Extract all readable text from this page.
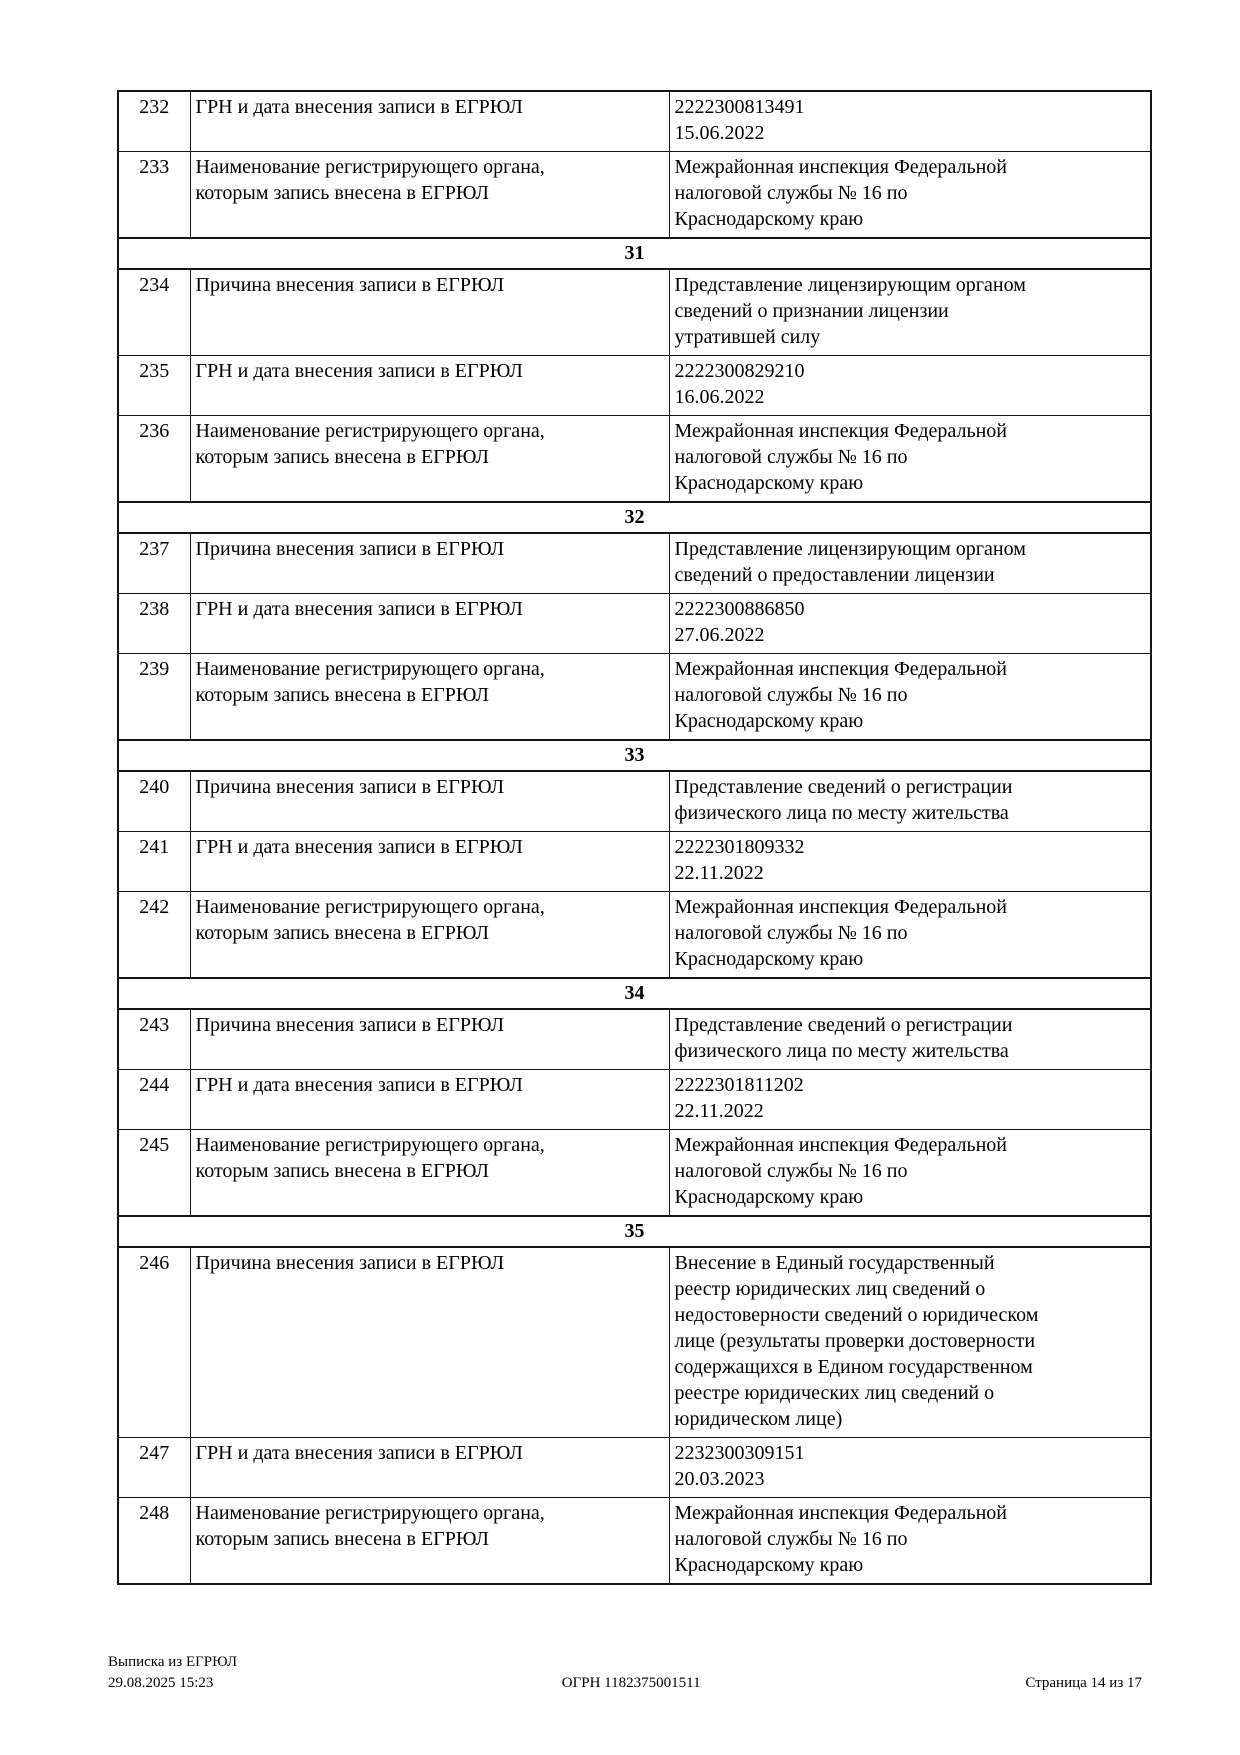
232	ГРН и дата внесения записи в ЕГРЮЛ	2222300813491
15.06.2022

233	Наименование регистрирующего органа,
которым запись внесена в ЕГРЮЛ	Межрайонная инспекция Федеральной
налоговой службы № 16 по
Краснодарскому краю

31		
234	Причина внесения записи в ЕГРЮЛ	Представление лицензирующим органом
сведений о признании лицензии
утратившей силу

235	ГРН и дата внесения записи в ЕГРЮЛ	2222300829210
16.06.2022

236	Наименование регистрирующего органа,
которым запись внесена в ЕГРЮЛ	Межрайонная инспекция Федеральной
налоговой службы № 16 по
Краснодарскому краю

32		
237	Причина внесения записи в ЕГРЮЛ	Представление лицензирующим органом
сведений о предоставлении лицензии

238	ГРН и дата внесения записи в ЕГРЮЛ	2222300886850
27.06.2022

239	Наименование регистрирующего органа,
которым запись внесена в ЕГРЮЛ	Межрайонная инспекция Федеральной
налоговой службы № 16 по
Краснодарскому краю

33		
240	Причина внесения записи в ЕГРЮЛ	Представление сведений о регистрации
физического лица по месту жительства

241	ГРН и дата внесения записи в ЕГРЮЛ	2222301809332
22.11.2022

242	Наименование регистрирующего органа,
которым запись внесена в ЕГРЮЛ	Межрайонная инспекция Федеральной
налоговой службы № 16 по
Краснодарскому краю

34		
243	Причина внесения записи в ЕГРЮЛ	Представление сведений о регистрации
физического лица по месту жительства

244	ГРН и дата внесения записи в ЕГРЮЛ	2222301811202
22.11.2022

245	Наименование регистрирующего органа,
которым запись внесена в ЕГРЮЛ	Межрайонная инспекция Федеральной
налоговой службы № 16 по
Краснодарскому краю

35		
246	Причина внесения записи в ЕГРЮЛ	Внесение в Единый государственный
реестр юридических лиц сведений о
недостоверности сведений о юридическом
лице (результаты проверки достоверности
содержащихся в Едином государственном
реестре юридических лиц сведений о
юридическом лице)

247	ГРН и дата внесения записи в ЕГРЮЛ	2232300309151
20.03.2023

248	Наименование регистрирующего органа,
которым запись внесена в ЕГРЮЛ	Межрайонная инспекция Федеральной
налоговой службы № 16 по
Краснодарскому краю
Выписка из ЕГРЮЛ
29.08.2025 15:23	ОГРН 1182375001511	Страница 14 из 17
